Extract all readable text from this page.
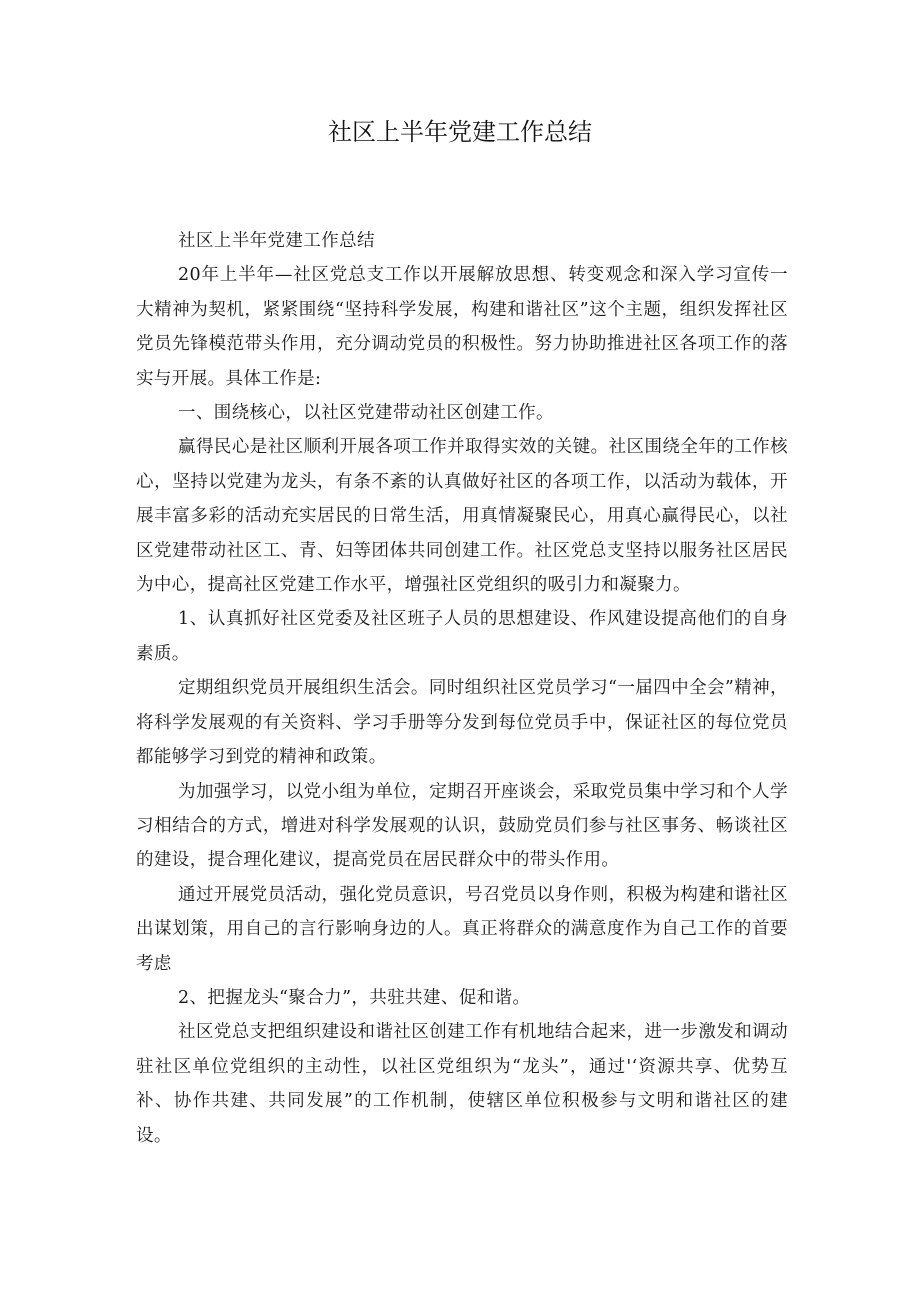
社区上半年党建工作总结

社区上半年党建工作总结

20年上半年—社区党总支工作以开展解放思想、转变观念和深入学习宣传一大精神为契机，紧紧围绕“坚持科学发展，构建和谐社区”这个主题，组织发挥社区党员先锋模范带头作用，充分调动党员的积极性。努力协助推进社区各项工作的落实与开展。具体工作是:

一、围绕核心，以社区党建带动社区创建工作。

赢得民心是社区顺利开展各项工作并取得实效的关键。社区围绕全年的工作核心，坚持以党建为龙头，有条不紊的认真做好社区的各项工作，以活动为载体，开展丰富多彩的活动充实居民的日常生活，用真情凝聚民心，用真心赢得民心，以社区党建带动社区工、青、妇等团体共同创建工作。社区党总支坚持以服务社区居民为中心，提高社区党建工作水平，增强社区党组织的吸引力和凝聚力。

1、认真抓好社区党委及社区班子人员的思想建设、作风建设提高他们的自身素质。

定期组织党员开展组织生活会。同时组织社区党员学习“一届四中全会”精神，将科学发展观的有关资料、学习手册等分发到每位党员手中，保证社区的每位党员都能够学习到党的精神和政策。

为加强学习，以党小组为单位，定期召开座谈会，采取党员集中学习和个人学习相结合的方式，增进对科学发展观的认识，鼓励党员们参与社区事务、畅谈社区的建设，提合理化建议，提高党员在居民群众中的带头作用。

通过开展党员活动，强化党员意识，号召党员以身作则，积极为构建和谐社区出谋划策，用自己的言行影响身边的人。真正将群众的满意度作为自己工作的首要考虑

2、把握龙头“聚合力”，共驻共建、促和谐。

社区党总支把组织建设和谐社区创建工作有机地结合起来，进一步激发和调动驻社区单位党组织的主动性，以社区党组织为“龙头”，通过'‘资源共享、优势互补、协作共建、共同发展”的工作机制，使辖区单位积极参与文明和谐社区的建设。
